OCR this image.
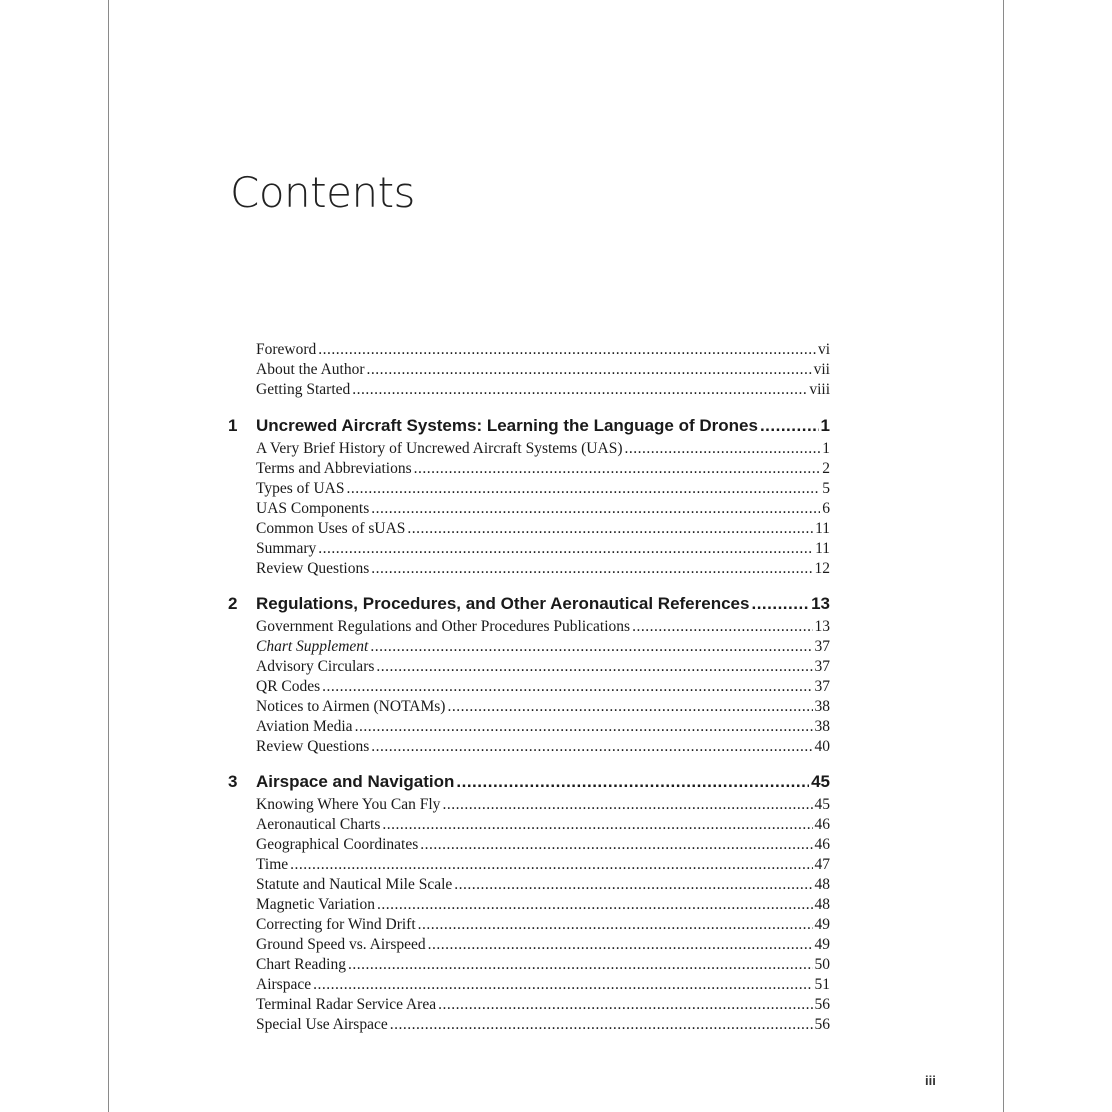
Contents
Foreword .....	vi
About the Author .....	vii
Getting Started .....	viii
1	Uncrewed Aircraft Systems: Learning the Language of Drones .....	1
A Very Brief History of Uncrewed Aircraft Systems (UAS) .....	1
Terms and Abbreviations .....	2
Types of UAS .....	5
UAS Components .....	6
Common Uses of sUAS .....	11
Summary .....	11
Review Questions .....	12
2	Regulations, Procedures, and Other Aeronautical References .....	13
Government Regulations and Other Procedures Publications .....	13
Chart Supplement .....	37
Advisory Circulars .....	37
QR Codes .....	37
Notices to Airmen (NOTAMs) .....	38
Aviation Media .....	38
Review Questions .....	40
3	Airspace and Navigation .....	45
Knowing Where You Can Fly .....	45
Aeronautical Charts .....	46
Geographical Coordinates .....	46
Time .....	47
Statute and Nautical Mile Scale .....	48
Magnetic Variation .....	48
Correcting for Wind Drift .....	49
Ground Speed vs. Airspeed .....	49
Chart Reading .....	50
Airspace .....	51
Terminal Radar Service Area .....	56
Special Use Airspace .....	56
iii
